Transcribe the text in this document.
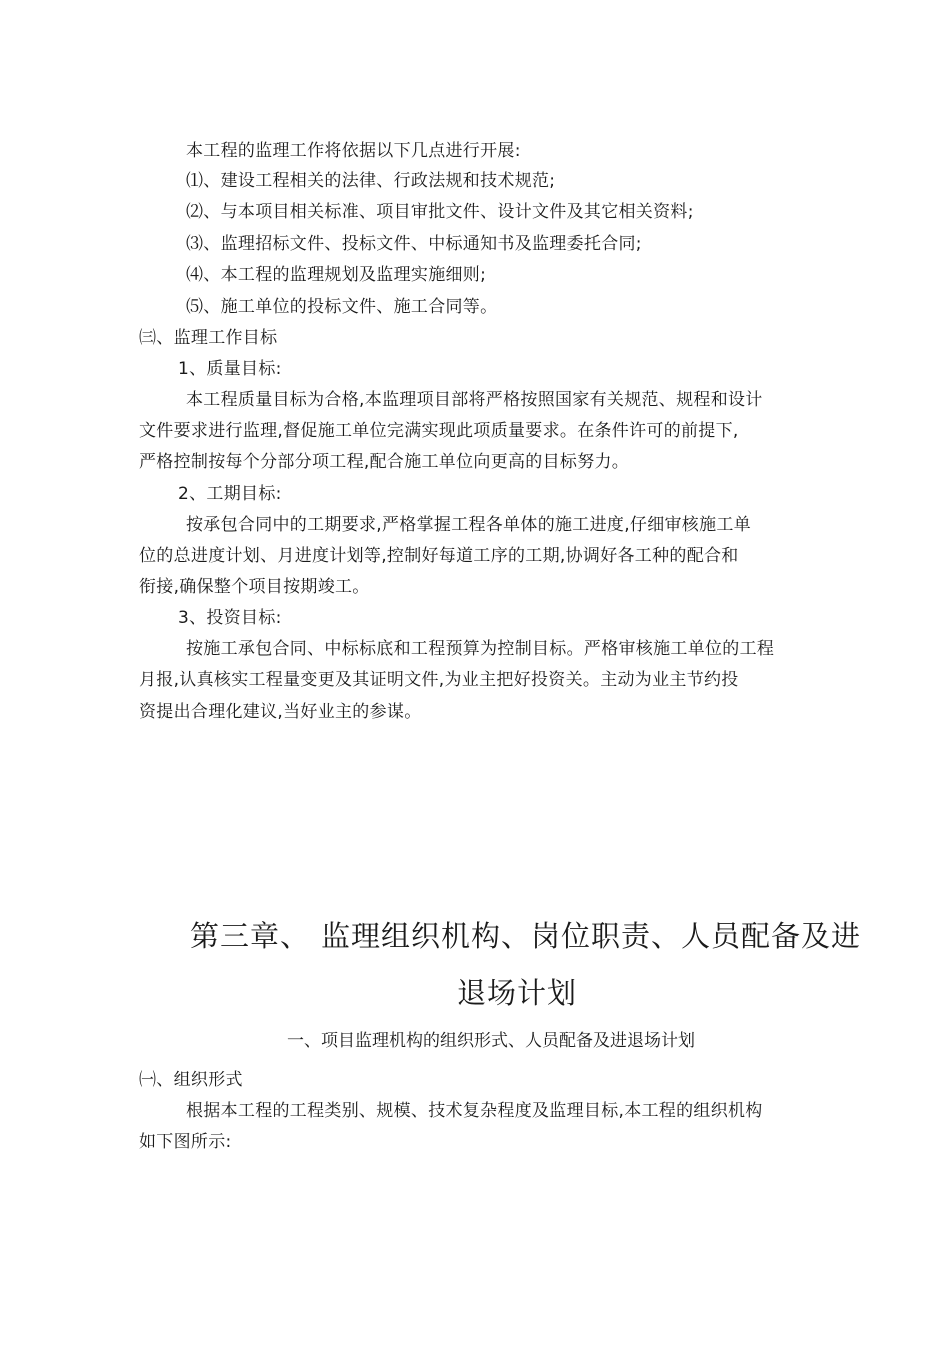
本工程的监理工作将依据以下几点进行开展:
⑴、建设工程相关的法律、行政法规和技术规范;
⑵、与本项目相关标准、项目审批文件、设计文件及其它相关资料;
⑶、监理招标文件、投标文件、中标通知书及监理委托合同;
⑷、本工程的监理规划及监理实施细则;
⑸、施工单位的投标文件、施工合同等。
㈢、监理工作目标
1、质量目标:
本工程质量目标为合格,本监理项目部将严格按照国家有关规范、规程和设计
文件要求进行监理,督促施工单位完满实现此项质量要求。在条件许可的前提下,
严格控制按每个分部分项工程,配合施工单位向更高的目标努力。
2、工期目标:
按承包合同中的工期要求,严格掌握工程各单体的施工进度,仔细审核施工单
位的总进度计划、月进度计划等,控制好每道工序的工期,协调好各工种的配合和
衔接,确保整个项目按期竣工。
3、投资目标:
按施工承包合同、中标标底和工程预算为控制目标。严格审核施工单位的工程
月报,认真核实工程量变更及其证明文件,为业主把好投资关。主动为业主节约投
资提出合理化建议,当好业主的参谋。
第三章、 监理组织机构、岗位职责、人员配备及进
退场计划
一、项目监理机构的组织形式、人员配备及进退场计划
㈠、组织形式
根据本工程的工程类别、规模、技术复杂程度及监理目标,本工程的组织机构
如下图所示:
